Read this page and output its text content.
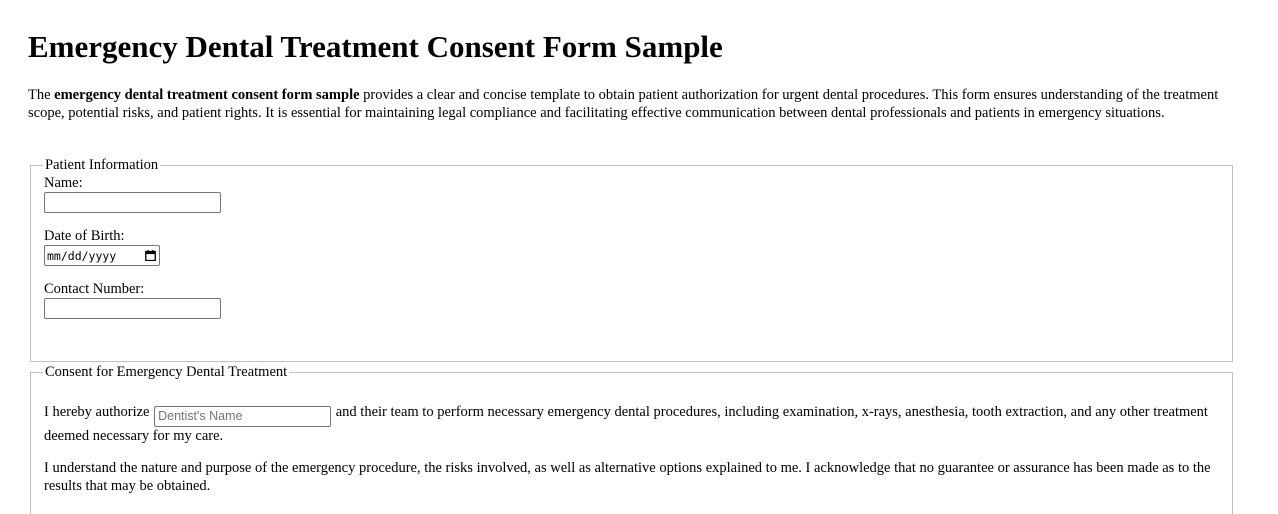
Emergency Dental Treatment Consent Form Sample

The emergency dental treatment consent form sample provides a clear and concise template to obtain patient authorization for urgent dental procedures. This form ensures understanding of the treatment scope, potential risks, and patient rights. It is essential for maintaining legal compliance and facilitating effective communication between dental professionals and patients in emergency situations.

Patient Information
Name:
Date of Birth:
mm/dd/yyyy
Contact Number:
Consent for Emergency Dental Treatment

I hereby authorize Dentist's Name	and their team to perform necessary emergency dental procedures, including examination, x-rays, anesthesia, tooth extraction, and any other treatment deemed necessary for my care.

I understand the nature and purpose of the emergency procedure, the risks involved, as well as alternative options explained to me. I acknowledge that no guarantee or assurance has been made as to the results that may be obtained.
